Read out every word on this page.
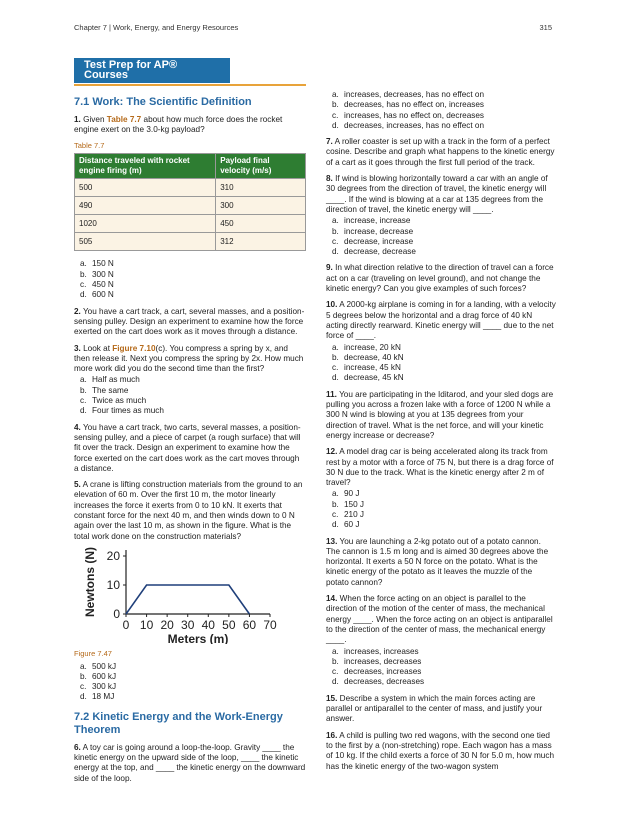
Chapter 7 | Work, Energy, and Energy Resources	315
Test Prep for AP® Courses
7.1 Work: The Scientific Definition

1. Given Table 7.7 about how much force does the rocket engine exert on the 3.0-kg payload?

Table 7.7
Distance traveled with rocket engine firing (m)	Payload final velocity (m/s)
500	310
490	300
1020	450
505	312
a. 150 N
b. 300 N
c. 450 N
d. 600 N

2. You have a cart track, a cart, several masses, and a position-sensing pulley. Design an experiment to examine how the force exerted on the cart does work as it moves through a distance.

3. Look at Figure 7.10(c). You compress a spring by x, and then release it. Next you compress the spring by 2x. How much more work did you do the second time than the first?

a. Half as much
b. The same
c. Twice as much
d. Four times as much

4. You have a cart track, two carts, several masses, a position-sensing pulley, and a piece of carpet (a rough surface) that will fit over the track. Design an experiment to examine how the force exerted on the cart does work as the cart moves through a distance.

5. A crane is lifting construction materials from the ground to an elevation of 60 m. Over the first 10 m, the motor linearly increases the force it exerts from 0 to 10 kN. It exerts that constant force for the next 40 m, and then winds down to 0 N again over the last 10 m, as shown in the figure. What is the total work done on the construction materials?

0
10
20
0 10 20 30 40 50 60 70
Meters (m)
Newtons (N)
Figure 7.47
a. 500 kJ
b. 600 kJ
c. 300 kJ
d. 18 MJ
7.2 Kinetic Energy and the Work-Energy Theorem

6. A toy car is going around a loop-the-loop. Gravity ____ the kinetic energy on the upward side of the loop, ____ the kinetic energy at the top, and ____ the kinetic energy on the downward side of the loop.

a. increases, decreases, has no effect on
b. decreases, has no effect on, increases
c. increases, has no effect on, decreases
d. decreases, increases, has no effect on

7. A roller coaster is set up with a track in the form of a perfect cosine. Describe and graph what happens to the kinetic energy of a cart as it goes through the first full period of the track.

8. If wind is blowing horizontally toward a car with an angle of 30 degrees from the direction of travel, the kinetic energy will ____. If the wind is blowing at a car at 135 degrees from the direction of travel, the kinetic energy will ____.

a. increase, increase
b. increase, decrease
c. decrease, increase
d. decrease, decrease

9. In what direction relative to the direction of travel can a force act on a car (traveling on level ground), and not change the kinetic energy? Can you give examples of such forces?

10. A 2000-kg airplane is coming in for a landing, with a velocity 5 degrees below the horizontal and a drag force of 40 kN acting directly rearward. Kinetic energy will ____ due to the net force of ____.

a. increase, 20 kN
b. decrease, 40 kN
c. increase, 45 kN
d. decrease, 45 kN

11. You are participating in the Iditarod, and your sled dogs are pulling you across a frozen lake with a force of 1200 N while a 300 N wind is blowing at you at 135 degrees from your direction of travel. What is the net force, and will your kinetic energy increase or decrease?

12. A model drag car is being accelerated along its track from rest by a motor with a force of 75 N, but there is a drag force of 30 N due to the track. What is the kinetic energy after 2 m of travel?

a. 90 J
b. 150 J
c. 210 J
d. 60 J

13. You are launching a 2-kg potato out of a potato cannon. The cannon is 1.5 m long and is aimed 30 degrees above the horizontal. It exerts a 50 N force on the potato. What is the kinetic energy of the potato as it leaves the muzzle of the potato cannon?

14. When the force acting on an object is parallel to the direction of the motion of the center of mass, the mechanical energy ____. When the force acting on an object is antiparallel to the direction of the center of mass, the mechanical energy ____.

a. increases, increases
b. increases, decreases
c. decreases, increases
d. decreases, decreases

15. Describe a system in which the main forces acting are parallel or antiparallel to the center of mass, and justify your answer.

16. A child is pulling two red wagons, with the second one tied to the first by a (non-stretching) rope. Each wagon has a mass of 10 kg. If the child exerts a force of 30 N for 5.0 m, how much has the kinetic energy of the two-wagon system
